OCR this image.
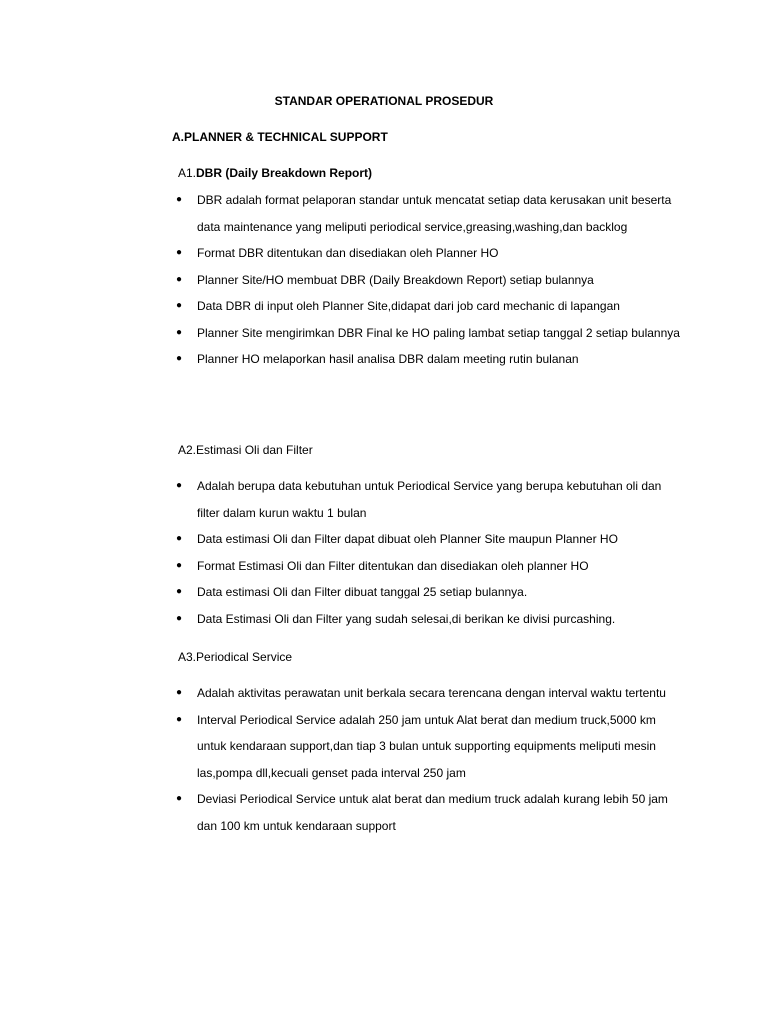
STANDAR OPERATIONAL PROSEDUR
A.PLANNER & TECHNICAL SUPPORT
A1.DBR (Daily Breakdown Report)
● DBR adalah format pelaporan standar untuk mencatat setiap data kerusakan unit beserta data maintenance yang meliputi periodical service,greasing,washing,dan backlog
● Format DBR ditentukan dan disediakan oleh Planner HO
● Planner Site/HO membuat DBR (Daily Breakdown Report) setiap bulannya
● Data DBR di input oleh Planner Site,didapat dari job card mechanic di lapangan
● Planner Site mengirimkan DBR Final ke HO paling lambat setiap tanggal 2 setiap bulannya
● Planner HO melaporkan hasil analisa DBR dalam meeting rutin bulanan
A2.Estimasi Oli dan Filter
● Adalah berupa data kebutuhan untuk Periodical Service yang berupa kebutuhan oli dan filter dalam kurun waktu 1 bulan
● Data estimasi Oli dan Filter dapat dibuat oleh Planner Site maupun Planner HO
● Format Estimasi Oli dan Filter ditentukan dan disediakan oleh planner HO
● Data estimasi Oli dan Filter dibuat tanggal 25 setiap bulannya.
● Data Estimasi Oli dan Filter yang sudah selesai,di berikan ke divisi purcashing.
A3.Periodical Service
● Adalah aktivitas perawatan unit berkala secara terencana dengan interval waktu tertentu
● Interval Periodical Service adalah 250 jam untuk Alat berat dan medium truck,5000 km untuk kendaraan support,dan tiap 3 bulan untuk supporting equipments meliputi mesin las,pompa dll,kecuali genset pada interval 250 jam
● Deviasi Periodical Service untuk alat berat dan medium truck adalah kurang lebih 50 jam dan 100 km untuk kendaraan support
